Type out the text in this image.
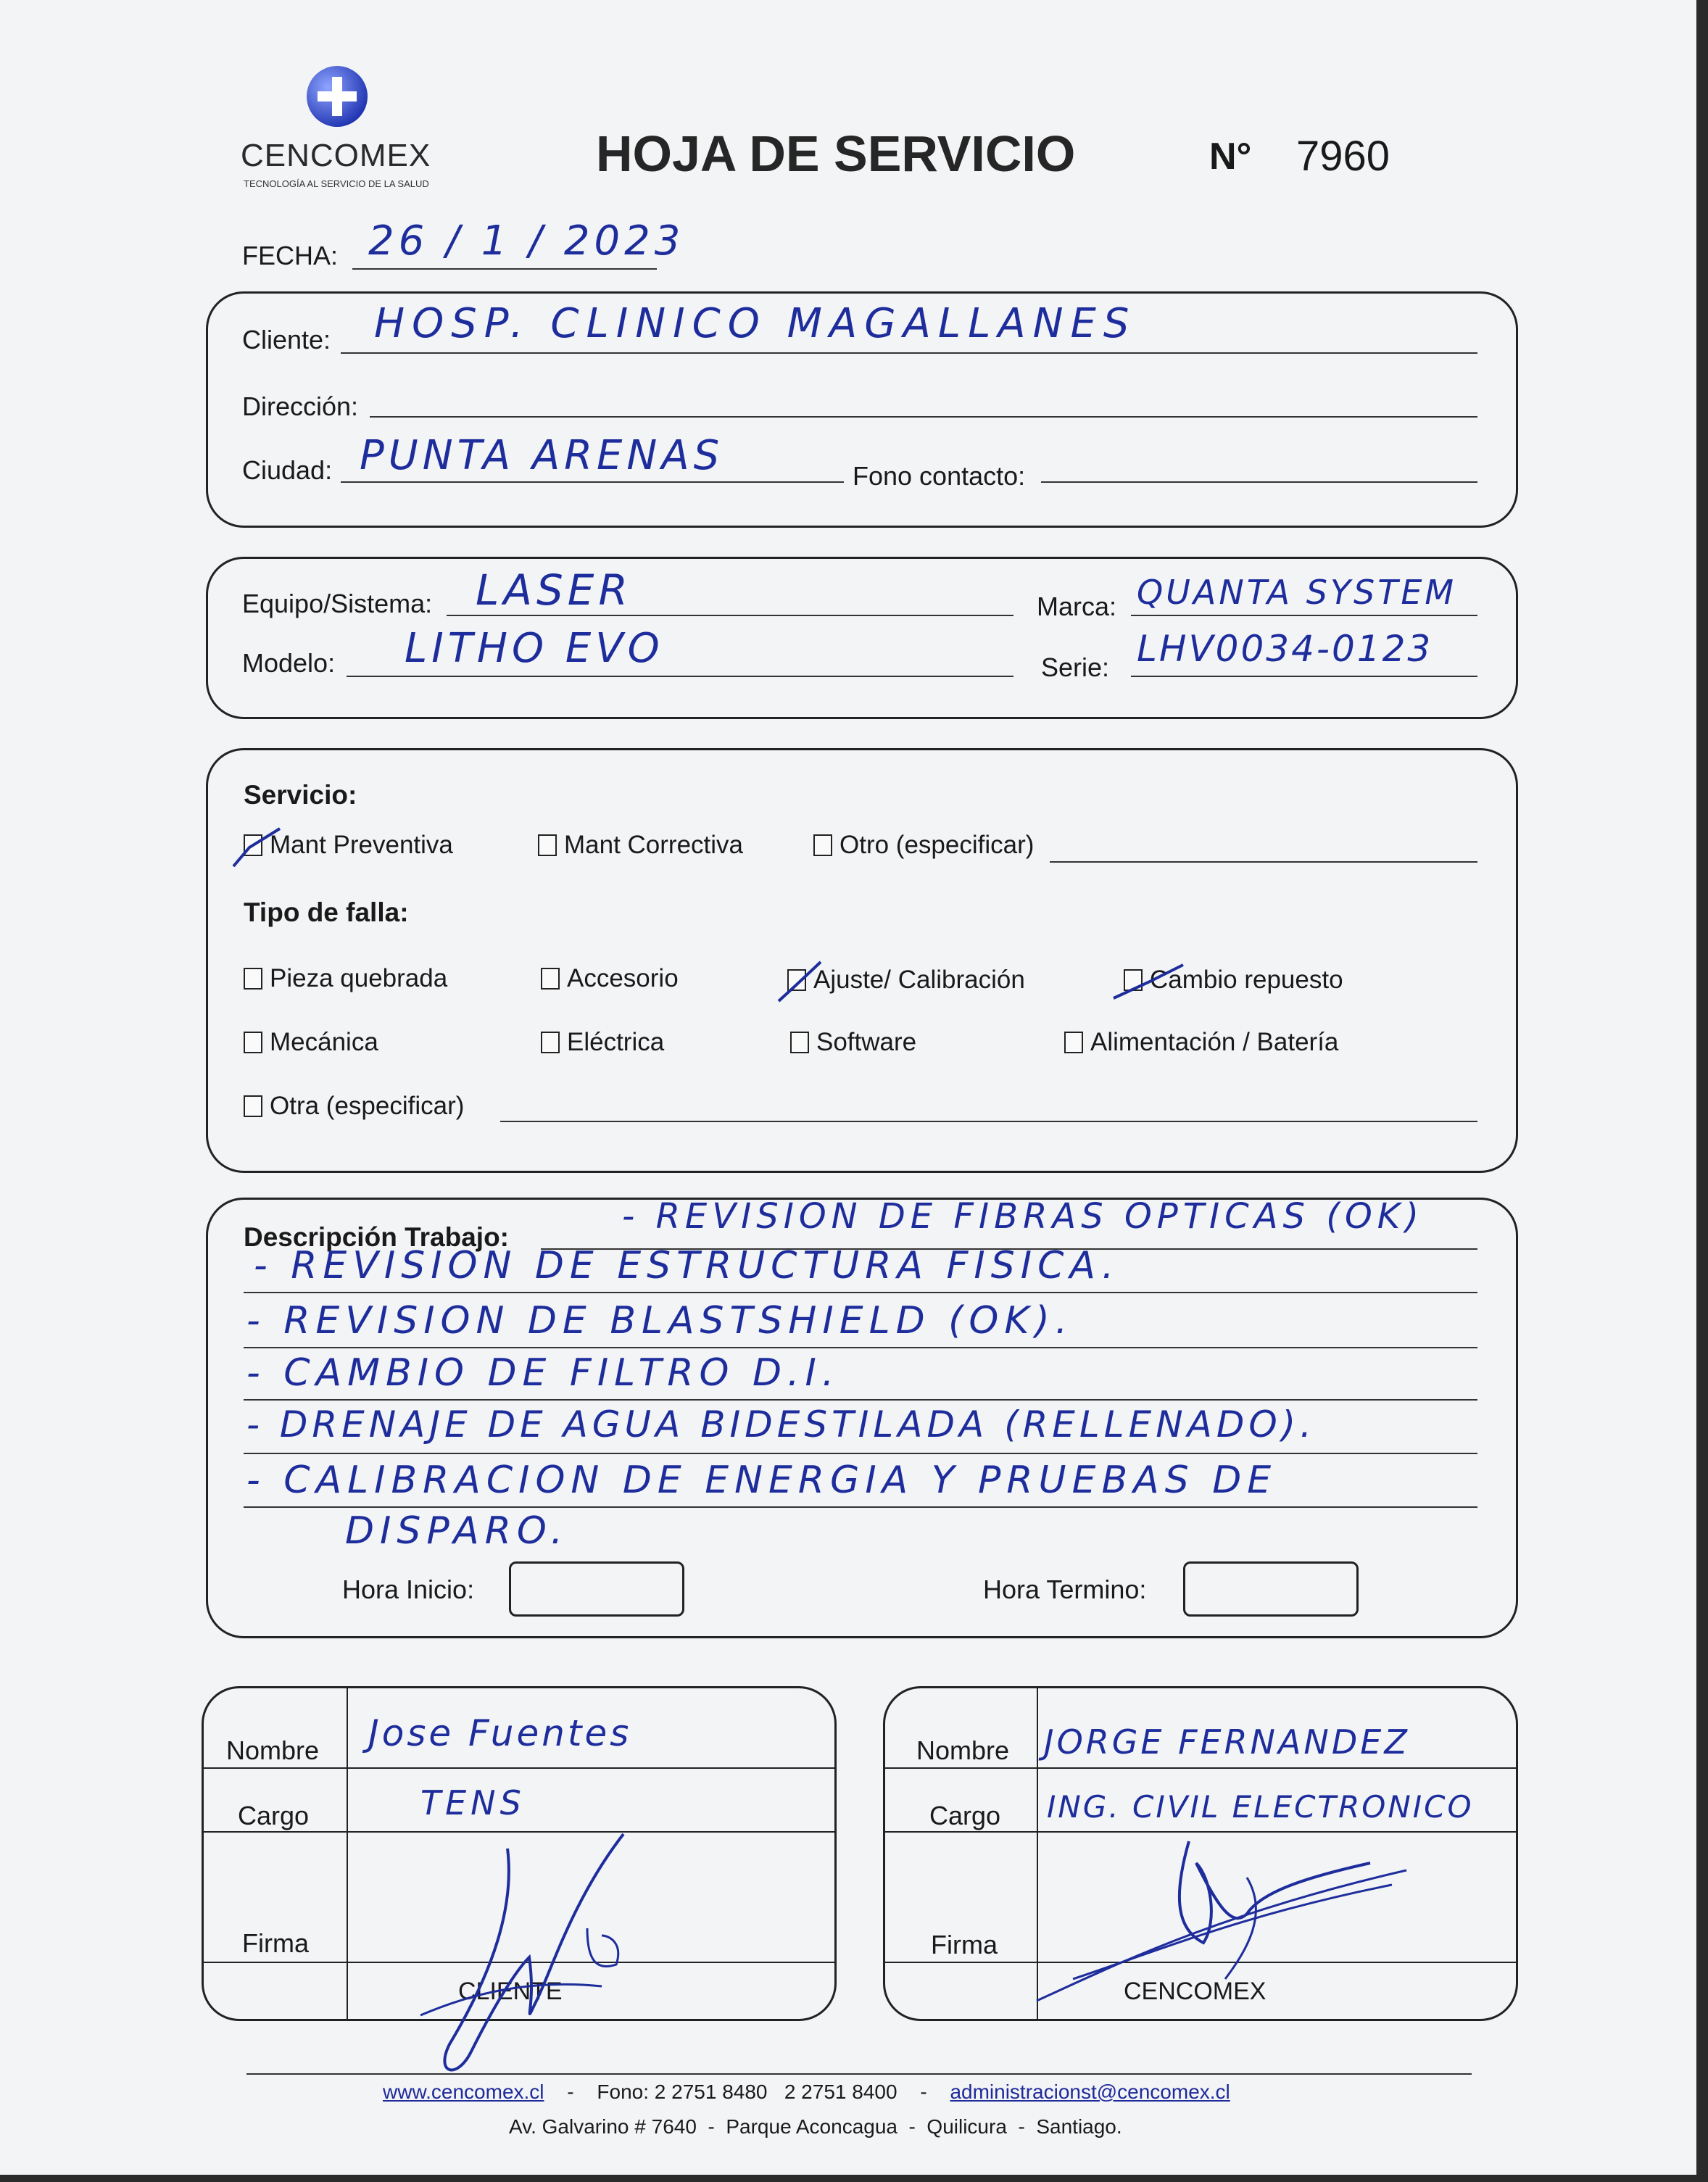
CENCOMEX
TECNOLOGÍA AL SERVICIO DE LA SALUD
HOJA DE SERVICIO	N° 7960
FECHA: 26 / 1 / 2023
Cliente: HOSP. CLINICO MAGALLANES
Dirección:
Ciudad: PUNTA ARENAS	Fono contacto:
Equipo/Sistema: LASER	Marca: QUANTA SYSTEM
Modelo: LITHO EVO	Serie: LHV0034-0123
Servicio:
Mant Preventiva	Mant Correctiva	Otro (especificar)
Tipo de falla:
Pieza quebrada	Accesorio	Ajuste/ Calibración	Cambio repuesto
Mecánica	Eléctrica	Software	Alimentación / Batería
Otra (especificar)
Descripción Trabajo:
- REVISION DE FIBRAS OPTICAS (OK)
- REVISION DE ESTRUCTURA FISICA.
- REVISION DE BLASTSHIELD (OK).
- CAMBIO DE FILTRO D.I.
- DRENAJE DE AGUA BIDESTILADA (RELLENADO).
- CALIBRACION DE ENERGIA Y PRUEBAS DE
DISPARO.
Hora Inicio:	Hora Termino:
Nombre Jose Fuentes
Cargo	TENS
Firma
CLIENTE
Nombre JORGE FERNANDEZ
Cargo ING. CIVIL ELECTRONICO
Firma
CENCOMEX
www.cencomex.cl - Fono: 2 2751 8480   2 2751 8400 - administracionst@cencomex.cl
Av. Galvarino # 7640  -  Parque Aconcagua  -  Quilicura  -  Santiago.
